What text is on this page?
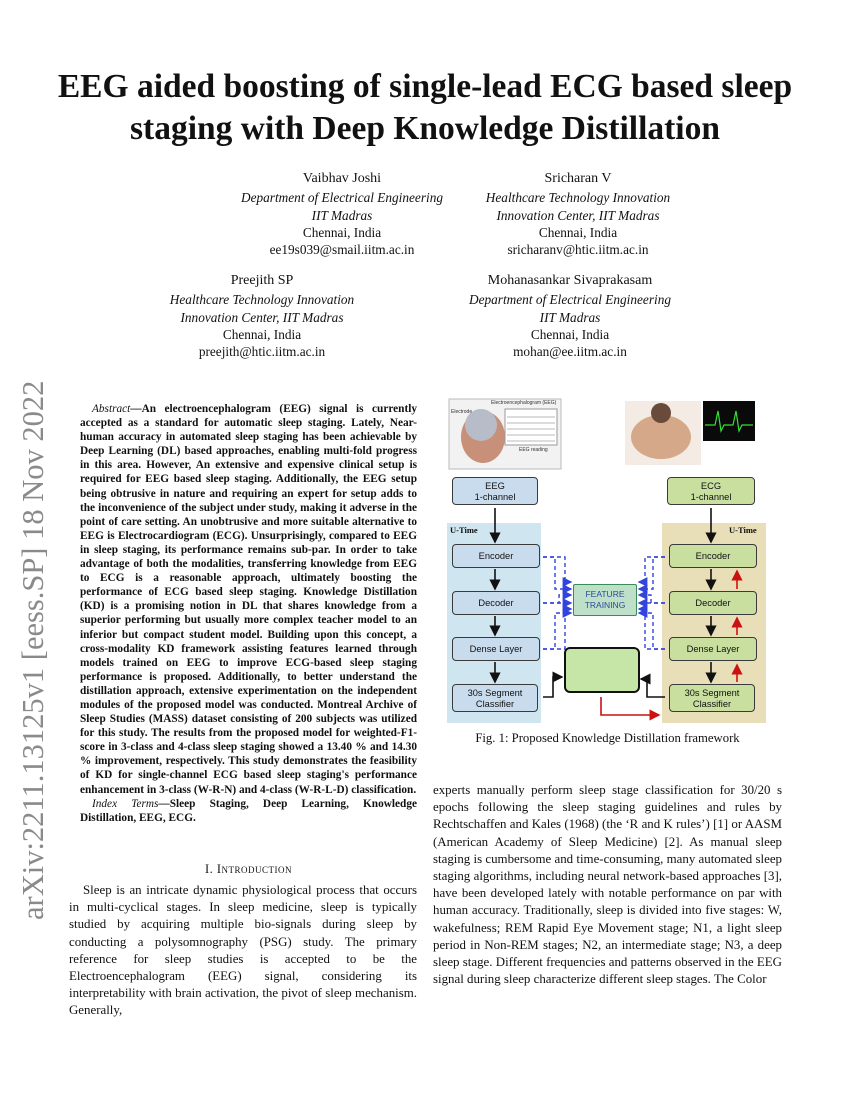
EEG aided boosting of single-lead ECG based sleep staging with Deep Knowledge Distillation
Vaibhav Joshi
Department of Electrical Engineering
IIT Madras
Chennai, India
ee19s039@smail.iitm.ac.in
Sricharan V
Healthcare Technology Innovation
Innovation Center, IIT Madras
Chennai, India
sricharanv@htic.iitm.ac.in
Preejith SP
Healthcare Technology Innovation
Innovation Center, IIT Madras
Chennai, India
preejith@htic.iitm.ac.in
Mohanasankar Sivaprakasam
Department of Electrical Engineering
IIT Madras
Chennai, India
mohan@ee.iitm.ac.in
arXiv:2211.13125v1 [eess.SP] 18 Nov 2022	Abstract—An electroencephalogram (EEG) signal is currently accepted as a standard for automatic sleep staging. Lately, Near-human accuracy in automated sleep staging has been achievable by Deep Learning (DL) based approaches, enabling multi-fold progress in this area. However, An extensive and expensive clinical setup is required for EEG based sleep staging. Additionally, the EEG setup being obtrusive in nature and requiring an expert for setup adds to the inconvenience of the subject under study, making it adverse in the point of care setting. An unobtrusive and more suitable alternative to EEG is Electrocardiogram (ECG). Unsurprisingly, compared to EEG in sleep staging, its performance remains sub-par. In order to take advantage of both the modalities, transferring knowledge from EEG to ECG is a reasonable approach, ultimately boosting the performance of ECG based sleep staging. Knowledge Distillation (KD) is a promising notion in DL that shares knowledge from a superior performing but usually more complex teacher model to an inferior but compact student model. Building upon this concept, a cross-modality KD framework assisting features learned through models trained on EEG to improve ECG-based sleep staging performance is proposed. Additionally, to better understand the distillation approach, extensive experimentation on the independent modules of the proposed model was conducted. Montreal Archive of Sleep Studies (MASS) dataset consisting of 200 subjects was utilized for this study. The results from the proposed model for weighted-F1-score in 3-class and 4-class sleep staging showed a 13.40 % and 14.30 % improvement, respectively. This study demonstrates the feasibility of KD for single-channel ECG based sleep staging's performance enhancement in 3-class (W-R-N) and 4-class (W-R-L-D) classification.

Index Terms—Sleep Staging, Deep Learning, Knowledge Distillation, EEG, ECG.

I. Introduction

Sleep is an intricate dynamic physiological process that occurs in multi-cyclical stages. In sleep medicine, sleep is typically studied by acquiring multiple bio-signals during sleep by conducting a polysomnography (PSG) study. The primary reference for sleep studies is accepted to be the Electroencephalogram (EEG) signal, considering its interpretability with brain activation, the pivot of sleep mechanism. Generally,

experts manually perform sleep stage classification for 30/20 s epochs following the sleep staging guidelines and rules by Rechtschaffen and Kales (1968) (the ‘R and K rules’) [1] or AASM (American Academy of Sleep Medicine) [2]. As manual sleep staging is cumbersome and time-consuming, many automated sleep staging algorithms, including neural network-based approaches [3], have been developed lately with notable performance on par with human accuracy. Traditionally, sleep is divided into five stages: W, wakefulness; REM Rapid Eye Movement stage; N1, a light sleep period in Non-REM stages; N2, an intermediate stage; N3, a deep sleep stage. Different frequencies and patterns observed in the EEG signal during sleep characterize different sleep stages. The Color

Electroencephalogram (EEG)
Electrode
EEG reading
EEG
1-channel
ECG
1-channel
U-Time	U-Time
Encoder
Decoder
Dense Layer
30s Segment
Classifier
Encoder
Decoder
Dense Layer
30s Segment
Classifier
FEATURE
TRAINING
Fig. 1: Proposed Knowledge Distillation framework
